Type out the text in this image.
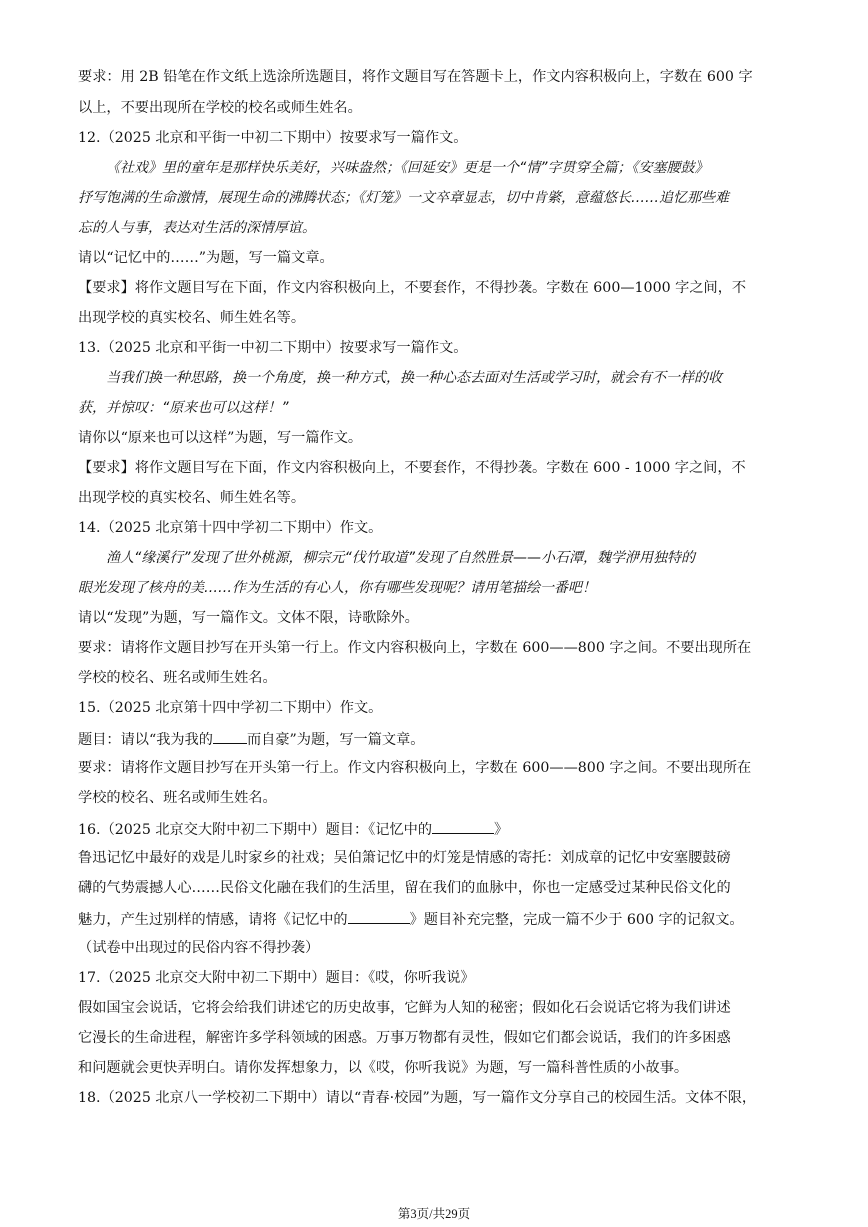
要求：用 2B 铅笔在作文纸上选涂所选题目，将作文题目写在答题卡上，作文内容积极向上，字数在 600 字
以上，不要出现所在学校的校名或师生姓名。
12.（2025 北京和平街一中初二下期中）按要求写一篇作文。
《社戏》里的童年是那样快乐美好，兴味盎然；《回延安》更是一个“情”字贯穿全篇；《安塞腰鼓》
抒写饱满的生命激情，展现生命的沸腾状态；《灯笼》一文卒章显志，切中肯綮，意蕴悠长……追忆那些难
忘的人与事，表达对生活的深情厚谊。
请以“记忆中的……”为题，写一篇文章。
【要求】将作文题目写在下面，作文内容积极向上，不要套作，不得抄袭。字数在 600—1000 字之间，不
出现学校的真实校名、师生姓名等。
13.（2025 北京和平街一中初二下期中）按要求写一篇作文。
当我们换一种思路，换一个角度，换一种方式，换一种心态去面对生活或学习时，就会有不一样的收
获，并惊叹：“原来也可以这样！”
请你以“原来也可以这样”为题，写一篇作文。
【要求】将作文题目写在下面，作文内容积极向上，不要套作，不得抄袭。字数在 600 - 1000 字之间，不
出现学校的真实校名、师生姓名等。
14.（2025 北京第十四中学初二下期中）作文。
渔人“缘溪行”发现了世外桃源，柳宗元“伐竹取道”发现了自然胜景——小石潭，魏学洢用独特的
眼光发现了核舟的美……作为生活的有心人，你有哪些发现呢？请用笔描绘一番吧！
请以“发现”为题，写一篇作文。文体不限，诗歌除外。
要求：请将作文题目抄写在开头第一行上。作文内容积极向上，字数在 600——800 字之间。不要出现所在
学校的校名、班名或师生姓名。
15.（2025 北京第十四中学初二下期中）作文。
题目：请以“我为我的 而自豪”为题，写一篇文章。
要求：请将作文题目抄写在开头第一行上。作文内容积极向上，字数在 600——800 字之间。不要出现所在
学校的校名、班名或师生姓名。
16.（2025 北京交大附中初二下期中）题目：《记忆中的	》
鲁迅记忆中最好的戏是儿时家乡的社戏；吴伯箫记忆中的灯笼是情感的寄托：刘成章的记忆中安塞腰鼓磅
礴的气势震撼人心……民俗文化融在我们的生活里，留在我们的血脉中，你也一定感受过某种民俗文化的
魅力，产生过别样的情感，请将《记忆中的	》题目补充完整，完成一篇不少于 600 字的记叙文。
（试卷中出现过的民俗内容不得抄袭）
17.（2025 北京交大附中初二下期中）题目：《哎，你听我说》
假如国宝会说话，它将会给我们讲述它的历史故事，它鲜为人知的秘密；假如化石会说话它将为我们讲述
它漫长的生命进程，解密许多学科领域的困惑。万事万物都有灵性，假如它们都会说话，我们的许多困惑
和问题就会更快弄明白。请你发挥想象力，以《哎，你听我说》为题，写一篇科普性质的小故事。
18.（2025 北京八一学校初二下期中）请以“青春·校园”为题，写一篇作文分享自己的校园生活。文体不限，
第3页/共29页
